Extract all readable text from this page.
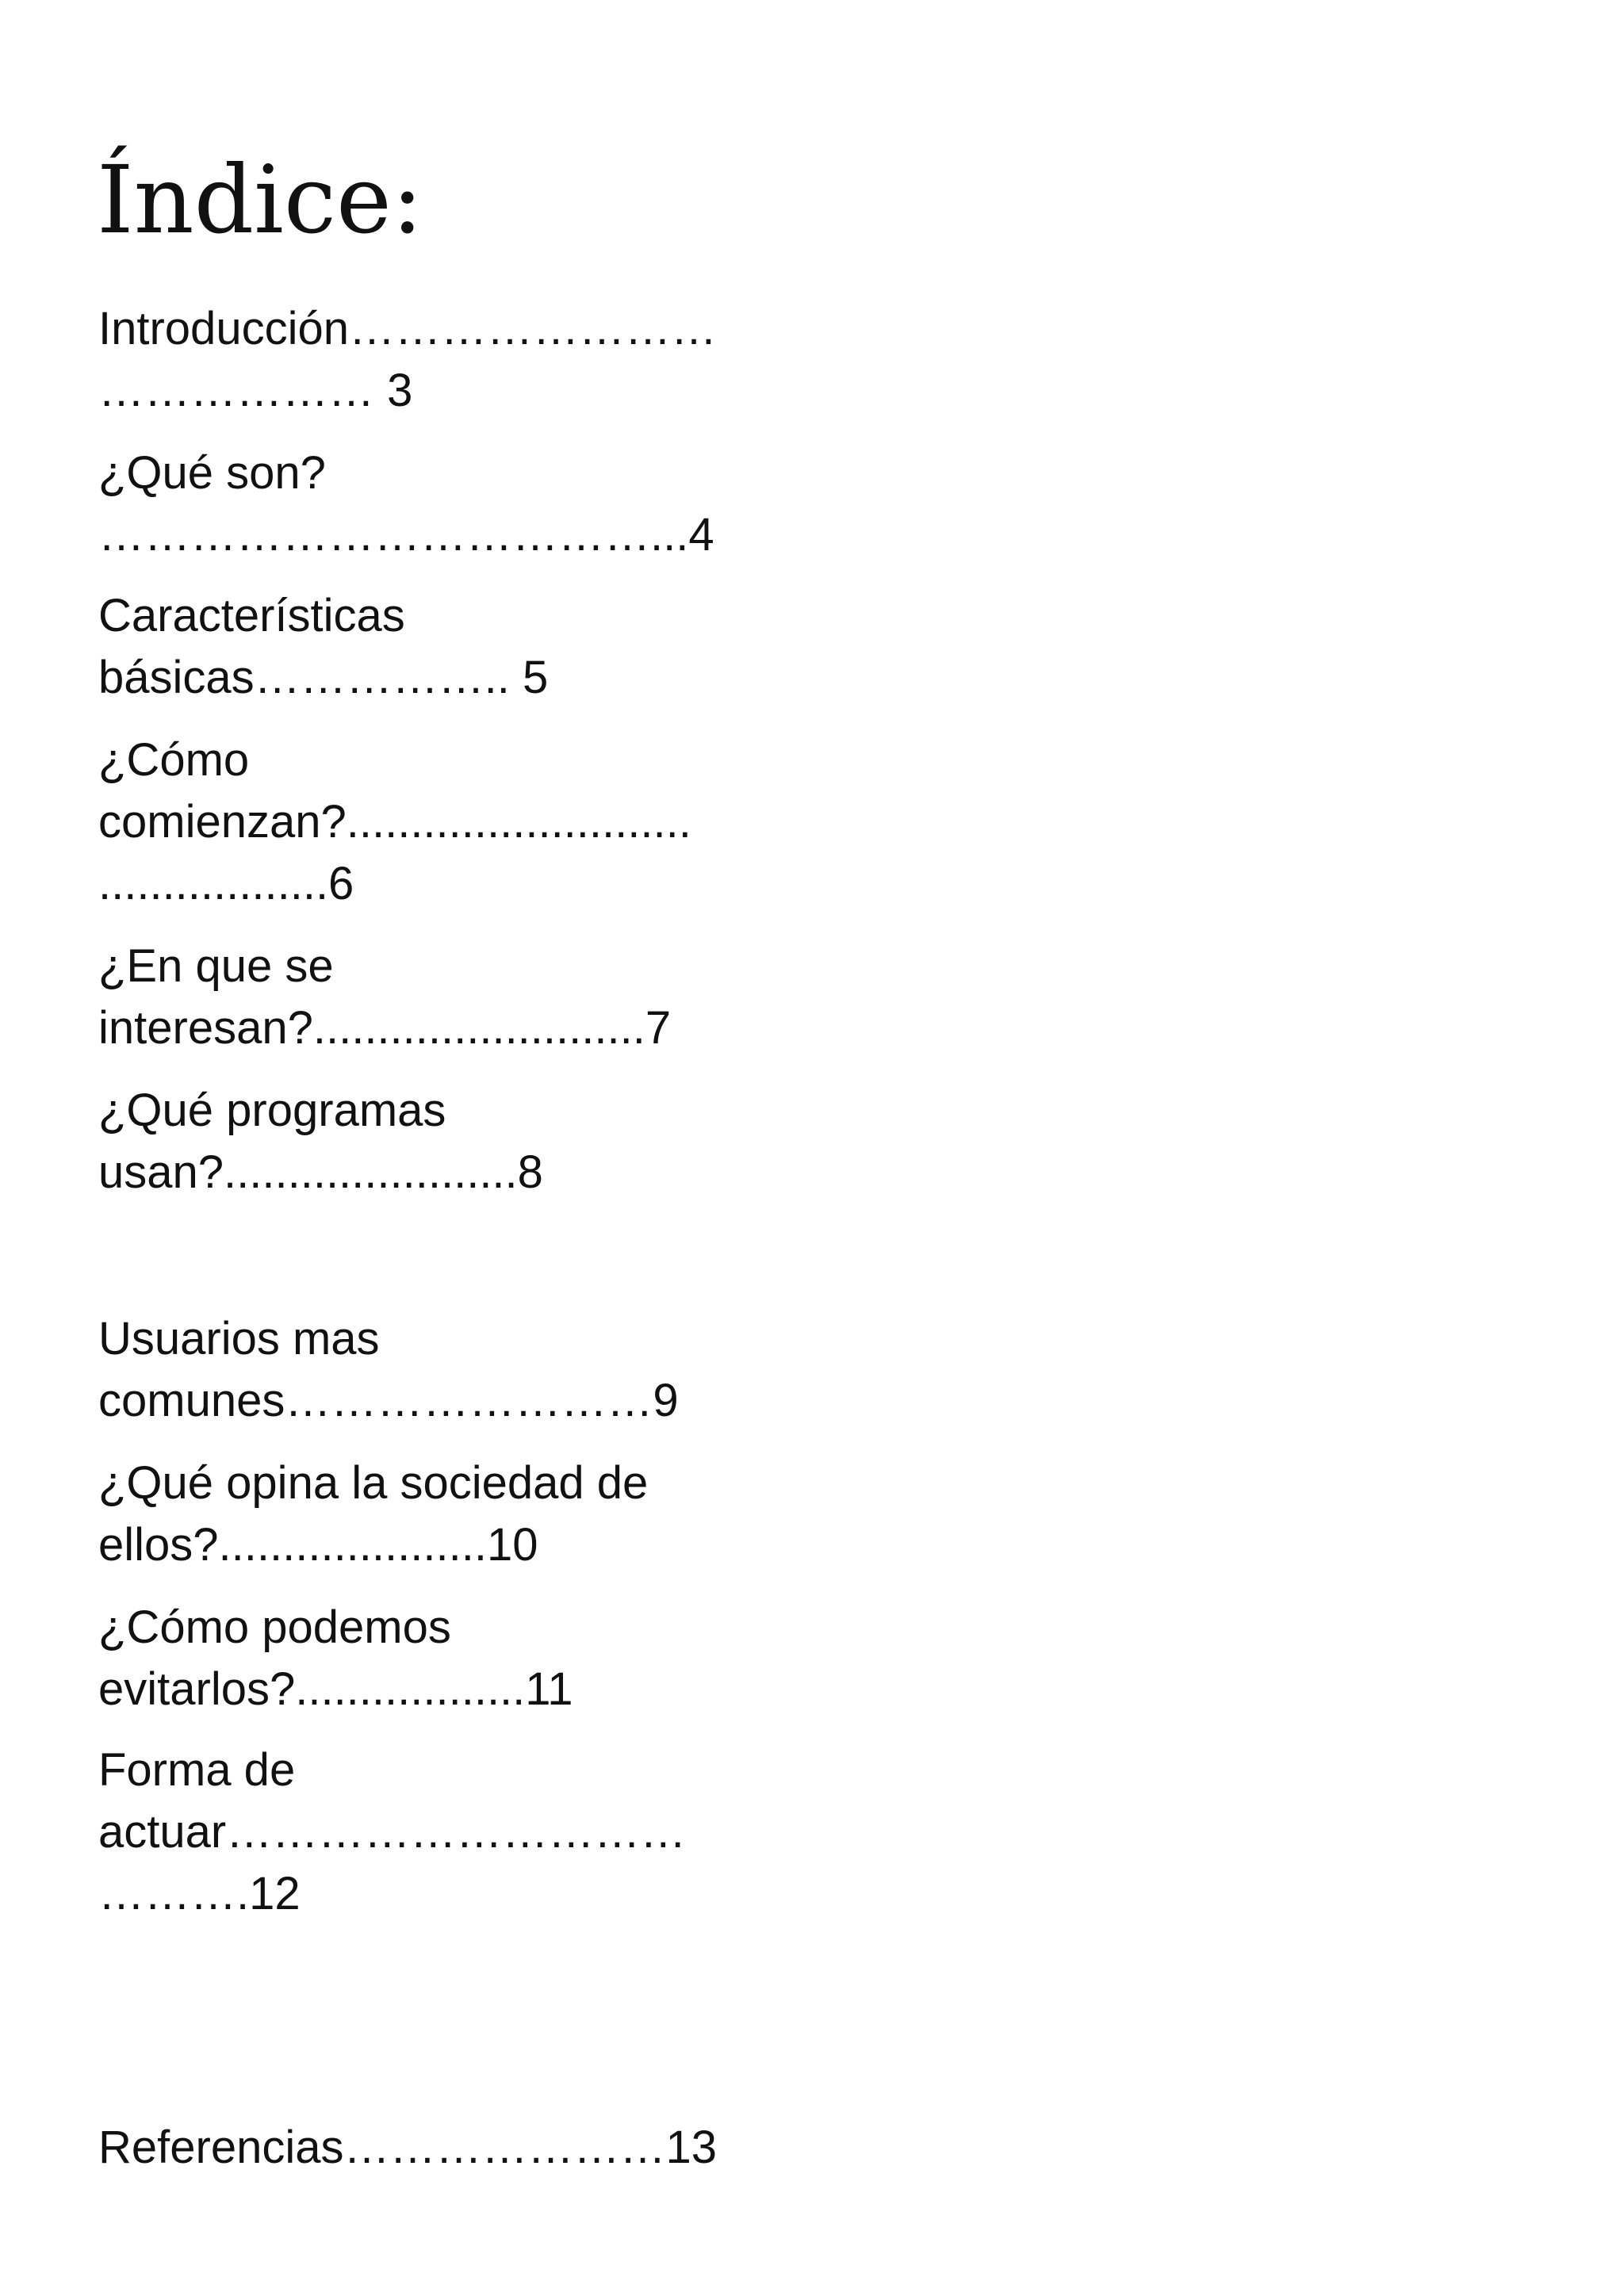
Índice:

Introducción……………………

……………… 3

¿Qué son?

………………………………...4

Características

básicas…………….. 5

¿Cómo

comienzan?...........................

..................6

¿En que se

interesan?..........................7

¿Qué programas

usan?.......................8

Usuarios mas

comunes……………………9

¿Qué opina la sociedad de

ellos?.....................10

¿Cómo podemos

evitarlos?..................11

Forma de

actuar…………………………

……….12

Referencias…………………13
